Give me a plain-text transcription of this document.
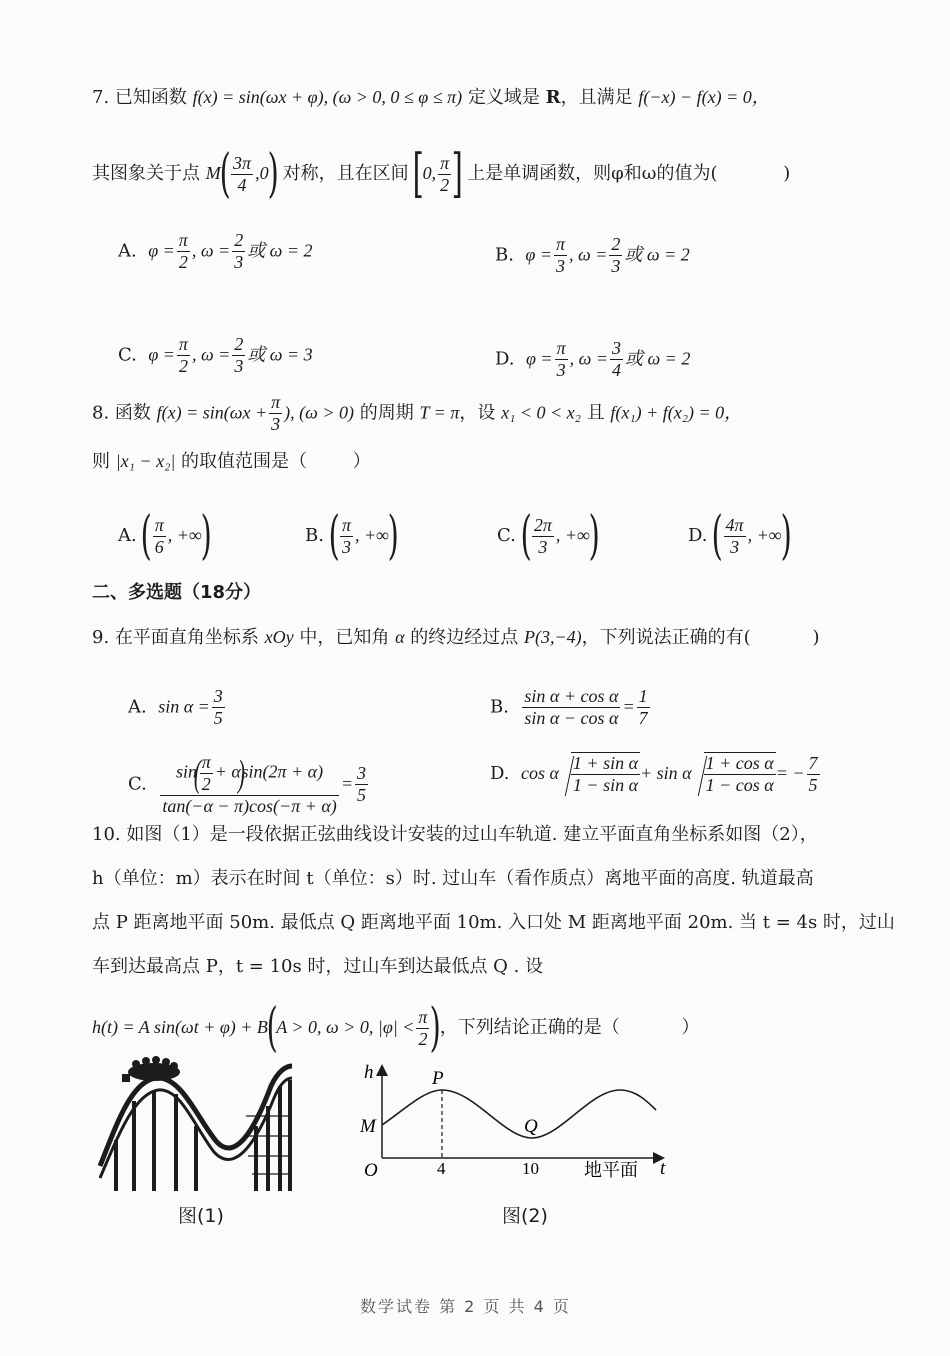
7. 已知函数 f(x) = sin(ωx + φ), (ω > 0, 0 ≤ φ ≤ π) 定义域是 R，且满足 f(−x) − f(x) = 0，
其图象关于点 $M( \frac{3\pi}{4} ,0)$ 对称，且在区间 [0, $\frac{\pi}{2}$ ] 上是单调函数，则φ和ω的值为(	)
A. $\varphi = \frac{\pi}{2}$ , $\omega = \frac{2}{3}$ 或 ω = 2	B. $\varphi = \frac{\pi}{3}$ , $\omega = \frac{2}{3}$ 或 ω = 2
C. $\varphi = \frac{\pi}{2}$ , $\omega = \frac{2}{3}$ 或 ω = 3	D. $\varphi = \frac{\pi}{3}$ , $\omega = \frac{3}{4}$ 或 ω = 2
8. 函数 $f(x) = \sin(\omega x + \frac{\pi}{3}$ ), (ω > 0) 的周期 T = π，设 x₁ < 0 < x₂ 且 f(x₁) + f(x₂) = 0，
则 |x₁ − x₂| 的取值范围是（	）
A. ( $\frac{\pi}{6}$ , +∞)	B. ( $\frac{\pi}{3}$ , +∞)	C. ( $\frac{2\pi}{3}$ , +∞)	D. ( $\frac{4\pi}{3}$ , +∞)
二、多选题（18分）
9. 在平面直角坐标系 xOy 中，已知角 α 的终边经过点 P(3,−4)，下列说法正确的有(	)
A. $\sin \alpha = \frac{3}{5}$	B. $\frac{\text{sin α + cos α}}{\text{sin α − cos α}} = \frac{1}{7}$
C. sin(
$\frac{\pi}{2} + \alpha)\sin(2\pi + \alpha)$
$\tan(-\alpha - \pi)\cos(-\pi + \alpha) = \frac{3}{5}$	D. cos α $\frac{\text{1 + sin α}}{\text{1 − sin α}} + \sin \alpha \frac{\text{1 + cos α}}{\text{1 − cos α}}$ = − $\frac{7}{5}$
10. 如图（1）是一段依据正弦曲线设计安装的过山车轨道. 建立平面直角坐标系如图（2），
h（单位：m）表示在时间 t（单位：s）时. 过山车（看作质点）离地平面的高度. 轨道最高
点 P 距离地平面 50m. 最低点 Q 距离地平面 10m. 入口处 M 距离地平面 20m. 当 t = 4s 时，过山
车到达最高点 P，t = 10s 时，过山车到达最低点 Q . 设
h(t) = A sin(ωt + φ) + B(A > 0, ω > 0, $|\varphi| < \frac{\pi}{2}$ )，下列结论正确的是（	）
图(1)
h	P
M
O
Q
4	10	地平面 t
图(2)
数学试卷 第 2 页 共 4 页
